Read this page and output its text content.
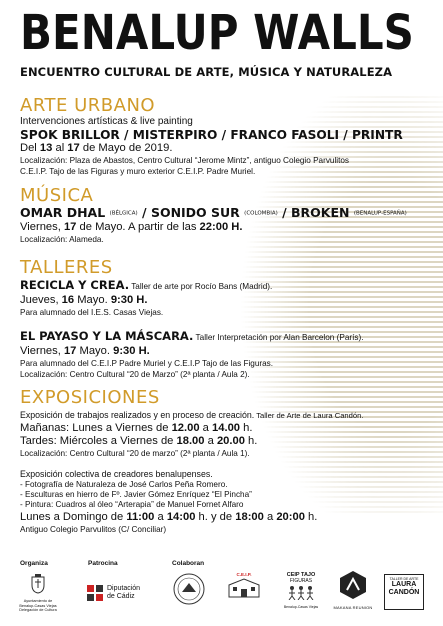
BENALUP WALLS
ENCUENTRO CULTURAL DE ARTE, MÚSICA Y NATURALEZA
ARTE URBANO
Intervenciones artísticas & live painting
SPOK BRILLOR / MISTERPIRO / FRANCO FASOLI / PRINTR
Del 13 al 17 de Mayo de 2019.
Localización: Plaza de Abastos, Centro Cultural “Jerome Mintz”, antiguo Colegio Parvulitos
C.E.I.P. Tajo de las Figuras y muro exterior C.E.I.P. Padre Muriel.
MÚSICA
OMAR DHAL (BÉLGICA) / SONIDO SUR (COLOMBIA) / BROKEN (BENALUP-ESPAÑA)
Viernes, 17 de Mayo. A partir de las 22:00 H.
Localización: Alameda.
TALLERES
RECICLA Y CREA. Taller de arte por Rocío Bans (Madrid).
Jueves, 16 Mayo. 9:30 H.
Para alumnado del I.E.S. Casas Viejas.
EL PAYASO Y LA MÁSCARA. Taller Interpretación por Alan Barcelon (París).
Viernes, 17 Mayo. 9:30 H.
Para alumnado del C.E.I.P Padre Muriel y C.E.I.P Tajo de las Figuras.
Localización: Centro Cultural “20 de Marzo” (2ª planta / Aula 2).
EXPOSICIONES
Exposición de trabajos realizados y en proceso de creación. Taller de Arte de Laura Candón.
Mañanas: Lunes a Viernes de 12.00 a 14.00 h.
Tardes: Miércoles a Viernes de 18.00 a 20.00 h.
Localización: Centro Cultural “20 de marzo” (2ª planta / Aula 1).
Exposición colectiva de creadores benalupenses.
- Fotografía de Naturaleza de José Carlos Peña Romero.
- Esculturas en hierro de Fº. Javier Gómez Enríquez “El Pincha”
- Pintura: Cuadros al óleo “Arterapia” de Manuel Fornet Alfaro
Lunes a Domingo de 11:00 a 14:00 h. y de 18:00 a 20:00 h.
Antiguo Colegio Parvulitos (C/ Conciliar)
Organiza	Patrocina	Colaboran
Ayuntamiento de
Benalup-Casas Viejas
Delegación de Cultura
Diputación
de Cádiz
C.E.I.P.	CEIP TAJO
FIGURAS
Benalup-Casas Viejas	MAKANA REUNION
TALLER DE ARTE
LAURA
CANDÓN
